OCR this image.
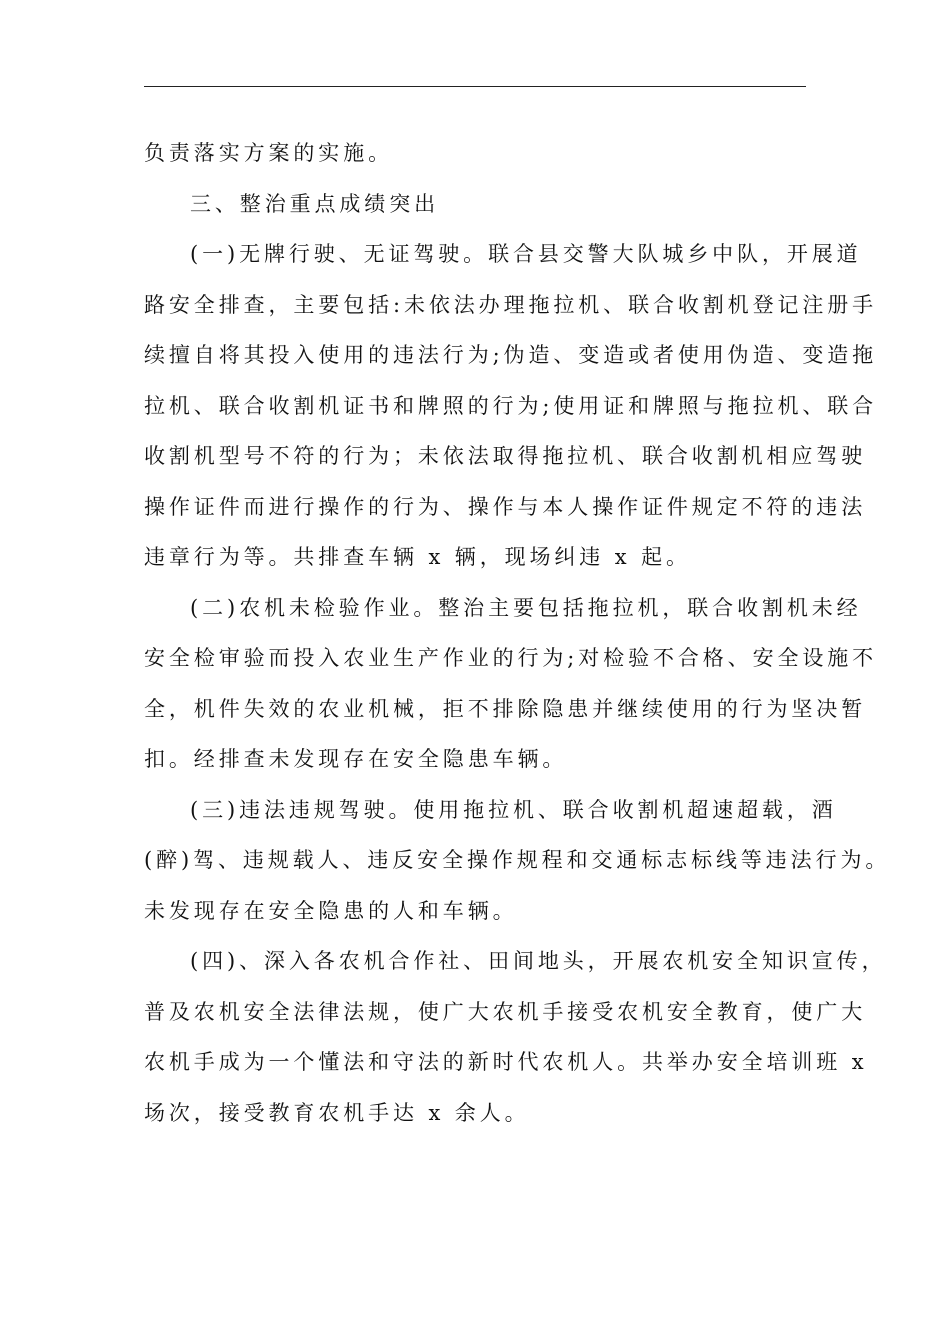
负责落实方案的实施。
三、整治重点成绩突出
(一)无牌行驶、无证驾驶。联合县交警大队城乡中队，开展道
路安全排查，主要包括:未依法办理拖拉机、联合收割机登记注册手
续擅自将其投入使用的违法行为;伪造、变造或者使用伪造、变造拖
拉机、联合收割机证书和牌照的行为;使用证和牌照与拖拉机、联合
收割机型号不符的行为；未依法取得拖拉机、联合收割机相应驾驶
操作证件而进行操作的行为、操作与本人操作证件规定不符的违法
违章行为等。共排查车辆 x 辆，现场纠违 x 起。
(二)农机未检验作业。整治主要包括拖拉机，联合收割机未经
安全检审验而投入农业生产作业的行为;对检验不合格、安全设施不
全，机件失效的农业机械，拒不排除隐患并继续使用的行为坚决暂
扣。经排查未发现存在安全隐患车辆。
(三)违法违规驾驶。使用拖拉机、联合收割机超速超载，酒
(醉)驾、违规载人、违反安全操作规程和交通标志标线等违法行为。
未发现存在安全隐患的人和车辆。
(四)、深入各农机合作社、田间地头，开展农机安全知识宣传，
普及农机安全法律法规，使广大农机手接受农机安全教育，使广大
农机手成为一个懂法和守法的新时代农机人。共举办安全培训班 x
场次，接受教育农机手达 x 余人。
